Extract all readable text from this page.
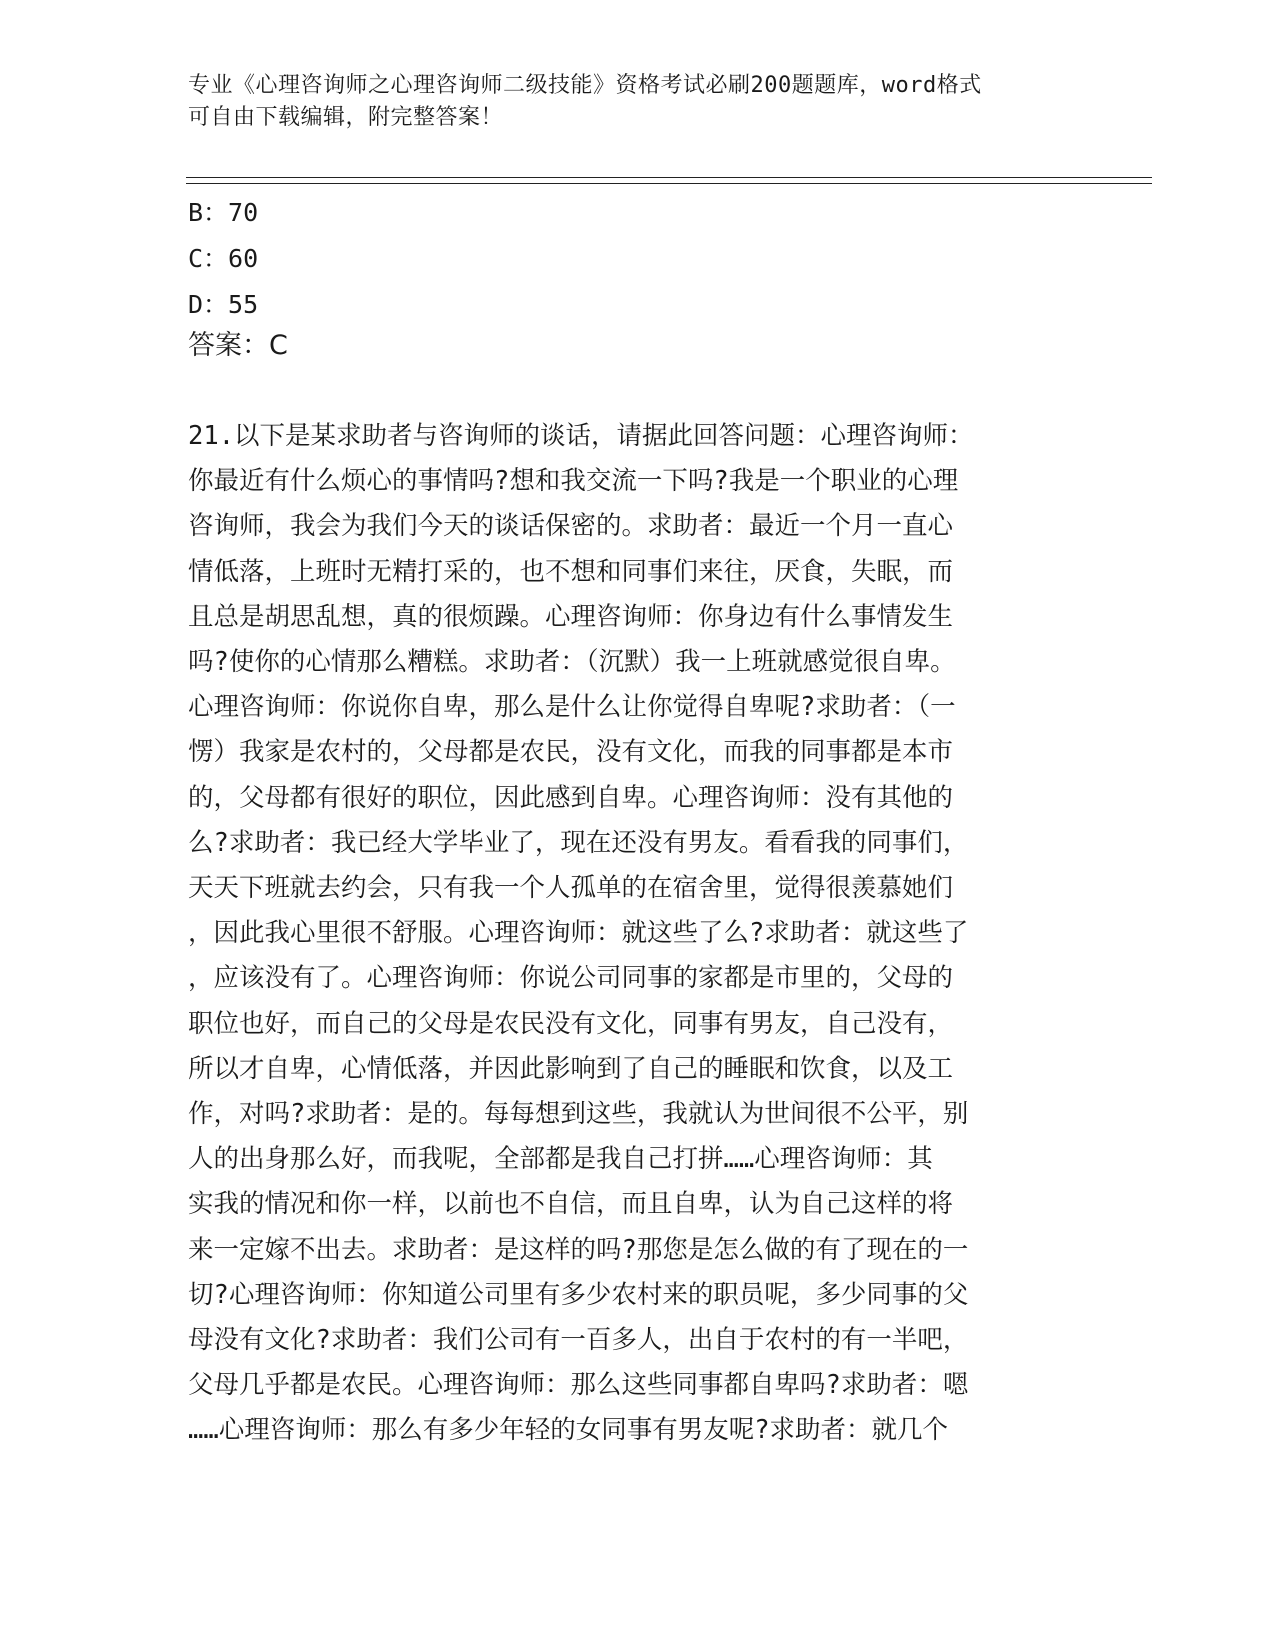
专业《心理咨询师之心理咨询师二级技能》资格考试必刷200题题库，word格式
可自由下载编辑，附完整答案！
B：70
C：60
D：55
答案：C
21.以下是某求助者与咨询师的谈话，请据此回答问题：心理咨询师：
你最近有什么烦心的事情吗?想和我交流一下吗?我是一个职业的心理
咨询师，我会为我们今天的谈话保密的。求助者：最近一个月一直心
情低落，上班时无精打采的，也不想和同事们来往，厌食，失眠，而
且总是胡思乱想，真的很烦躁。心理咨询师：你身边有什么事情发生
吗?使你的心情那么糟糕。求助者：（沉默）我一上班就感觉很自卑。
心理咨询师：你说你自卑，那么是什么让你觉得自卑呢?求助者：（一
愣）我家是农村的，父母都是农民，没有文化，而我的同事都是本市
的，父母都有很好的职位，因此感到自卑。心理咨询师：没有其他的
么?求助者：我已经大学毕业了，现在还没有男友。看看我的同事们，
天天下班就去约会，只有我一个人孤单的在宿舍里，觉得很羡慕她们
，因此我心里很不舒服。心理咨询师：就这些了么?求助者：就这些了
，应该没有了。心理咨询师：你说公司同事的家都是市里的，父母的
职位也好，而自己的父母是农民没有文化，同事有男友，自己没有，
所以才自卑，心情低落，并因此影响到了自己的睡眠和饮食，以及工
作，对吗?求助者：是的。每每想到这些，我就认为世间很不公平，别
人的出身那么好，而我呢，全部都是我自己打拼……心理咨询师：其
实我的情况和你一样，以前也不自信，而且自卑，认为自己这样的将
来一定嫁不出去。求助者：是这样的吗?那您是怎么做的有了现在的一
切?心理咨询师：你知道公司里有多少农村来的职员呢，多少同事的父
母没有文化?求助者：我们公司有一百多人，出自于农村的有一半吧，
父母几乎都是农民。心理咨询师：那么这些同事都自卑吗?求助者：嗯
……心理咨询师：那么有多少年轻的女同事有男友呢?求助者：就几个
